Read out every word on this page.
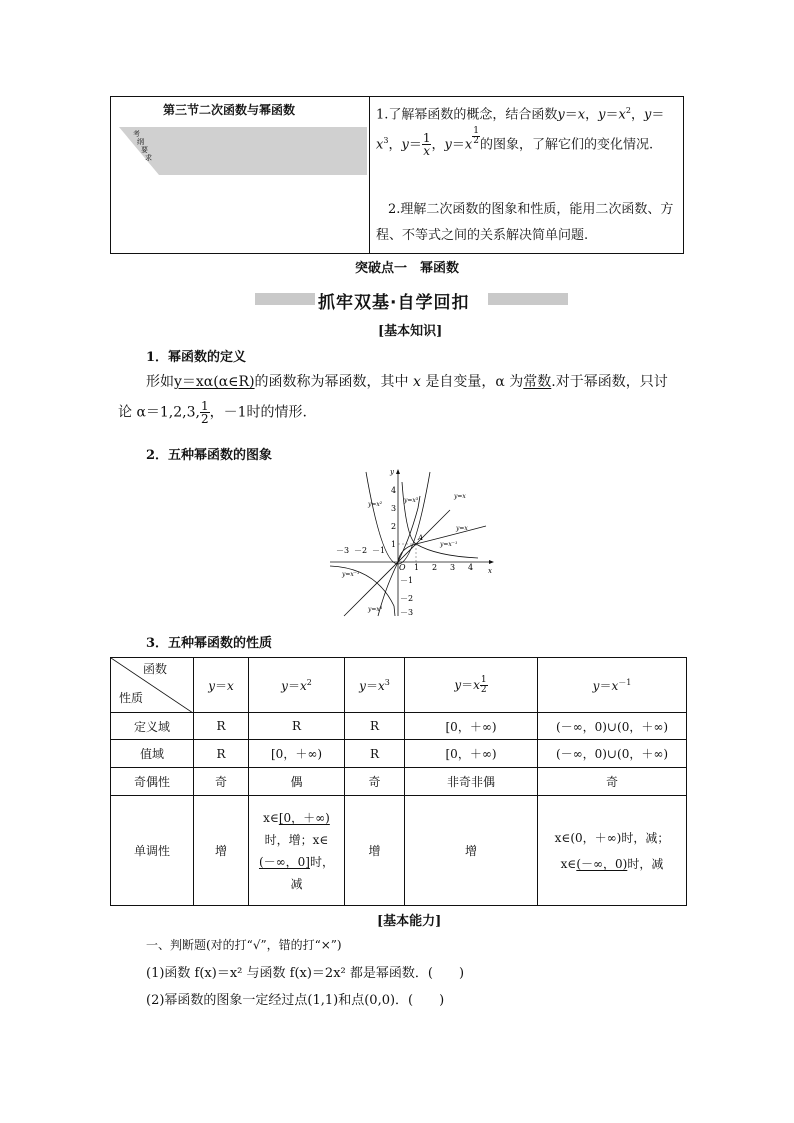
第三节二次函数与幂函数
考
纲
要
求
1.了解幂函数的概念，结合函数y＝x，$y=x^2$，y＝
$x^3$，$y= \frac{1}{x}$ ，$y=x \frac{1}{2}$ 的图象，了解它们的变化情况.
2.理解二次函数的图象和性质，能用二次函数、方程、不等式之间的关系解决简单问题.
突破点一　幂函数
抓牢双基·自学回扣
[基本知识]
1．幂函数的定义
形如y＝xα(α∈R)的函数称为幂函数，其中 x 是自变量，α 为常数.对于幂函数，只讨
论 α＝1,2,3, $\frac{1}{2}$ ，－1时的情形.
2．五种幂函数的图象
y
x
O
A
－3 －2 －1
1 2 3 4
4
3
2
1
－1
－2
－3
y=x²
y=x³
y=x
y=x
y=x⁻¹
y=x⁻¹
y=x³
3．五种幂函数的性质
函数
性质	y＝x	$y=x^2$	$y=x^3$	$y=x \frac{1}{2}$	$y=x^{-1}$
定义域	R	R	R	[0，＋∞)	(－∞，0)∪(0，＋∞)
值域	R	[0，＋∞)	R	[0，＋∞)	(－∞，0)∪(0，＋∞)
奇偶性	奇	偶	奇	非奇非偶	奇
单调性	增	x∈[0，＋∞)
时，增；x∈
(－∞，0]时，
减	增	增	x∈(0，＋∞)时，减；
x∈(－∞，0)时，减
[基本能力]
一、判断题(对的打“√”，错的打“×”)
(1)函数 f(x)＝x² 与函数 f(x)＝2x² 都是幂函数．(　　)
(2)幂函数的图象一定经过点(1,1)和点(0,0)．(　　)
